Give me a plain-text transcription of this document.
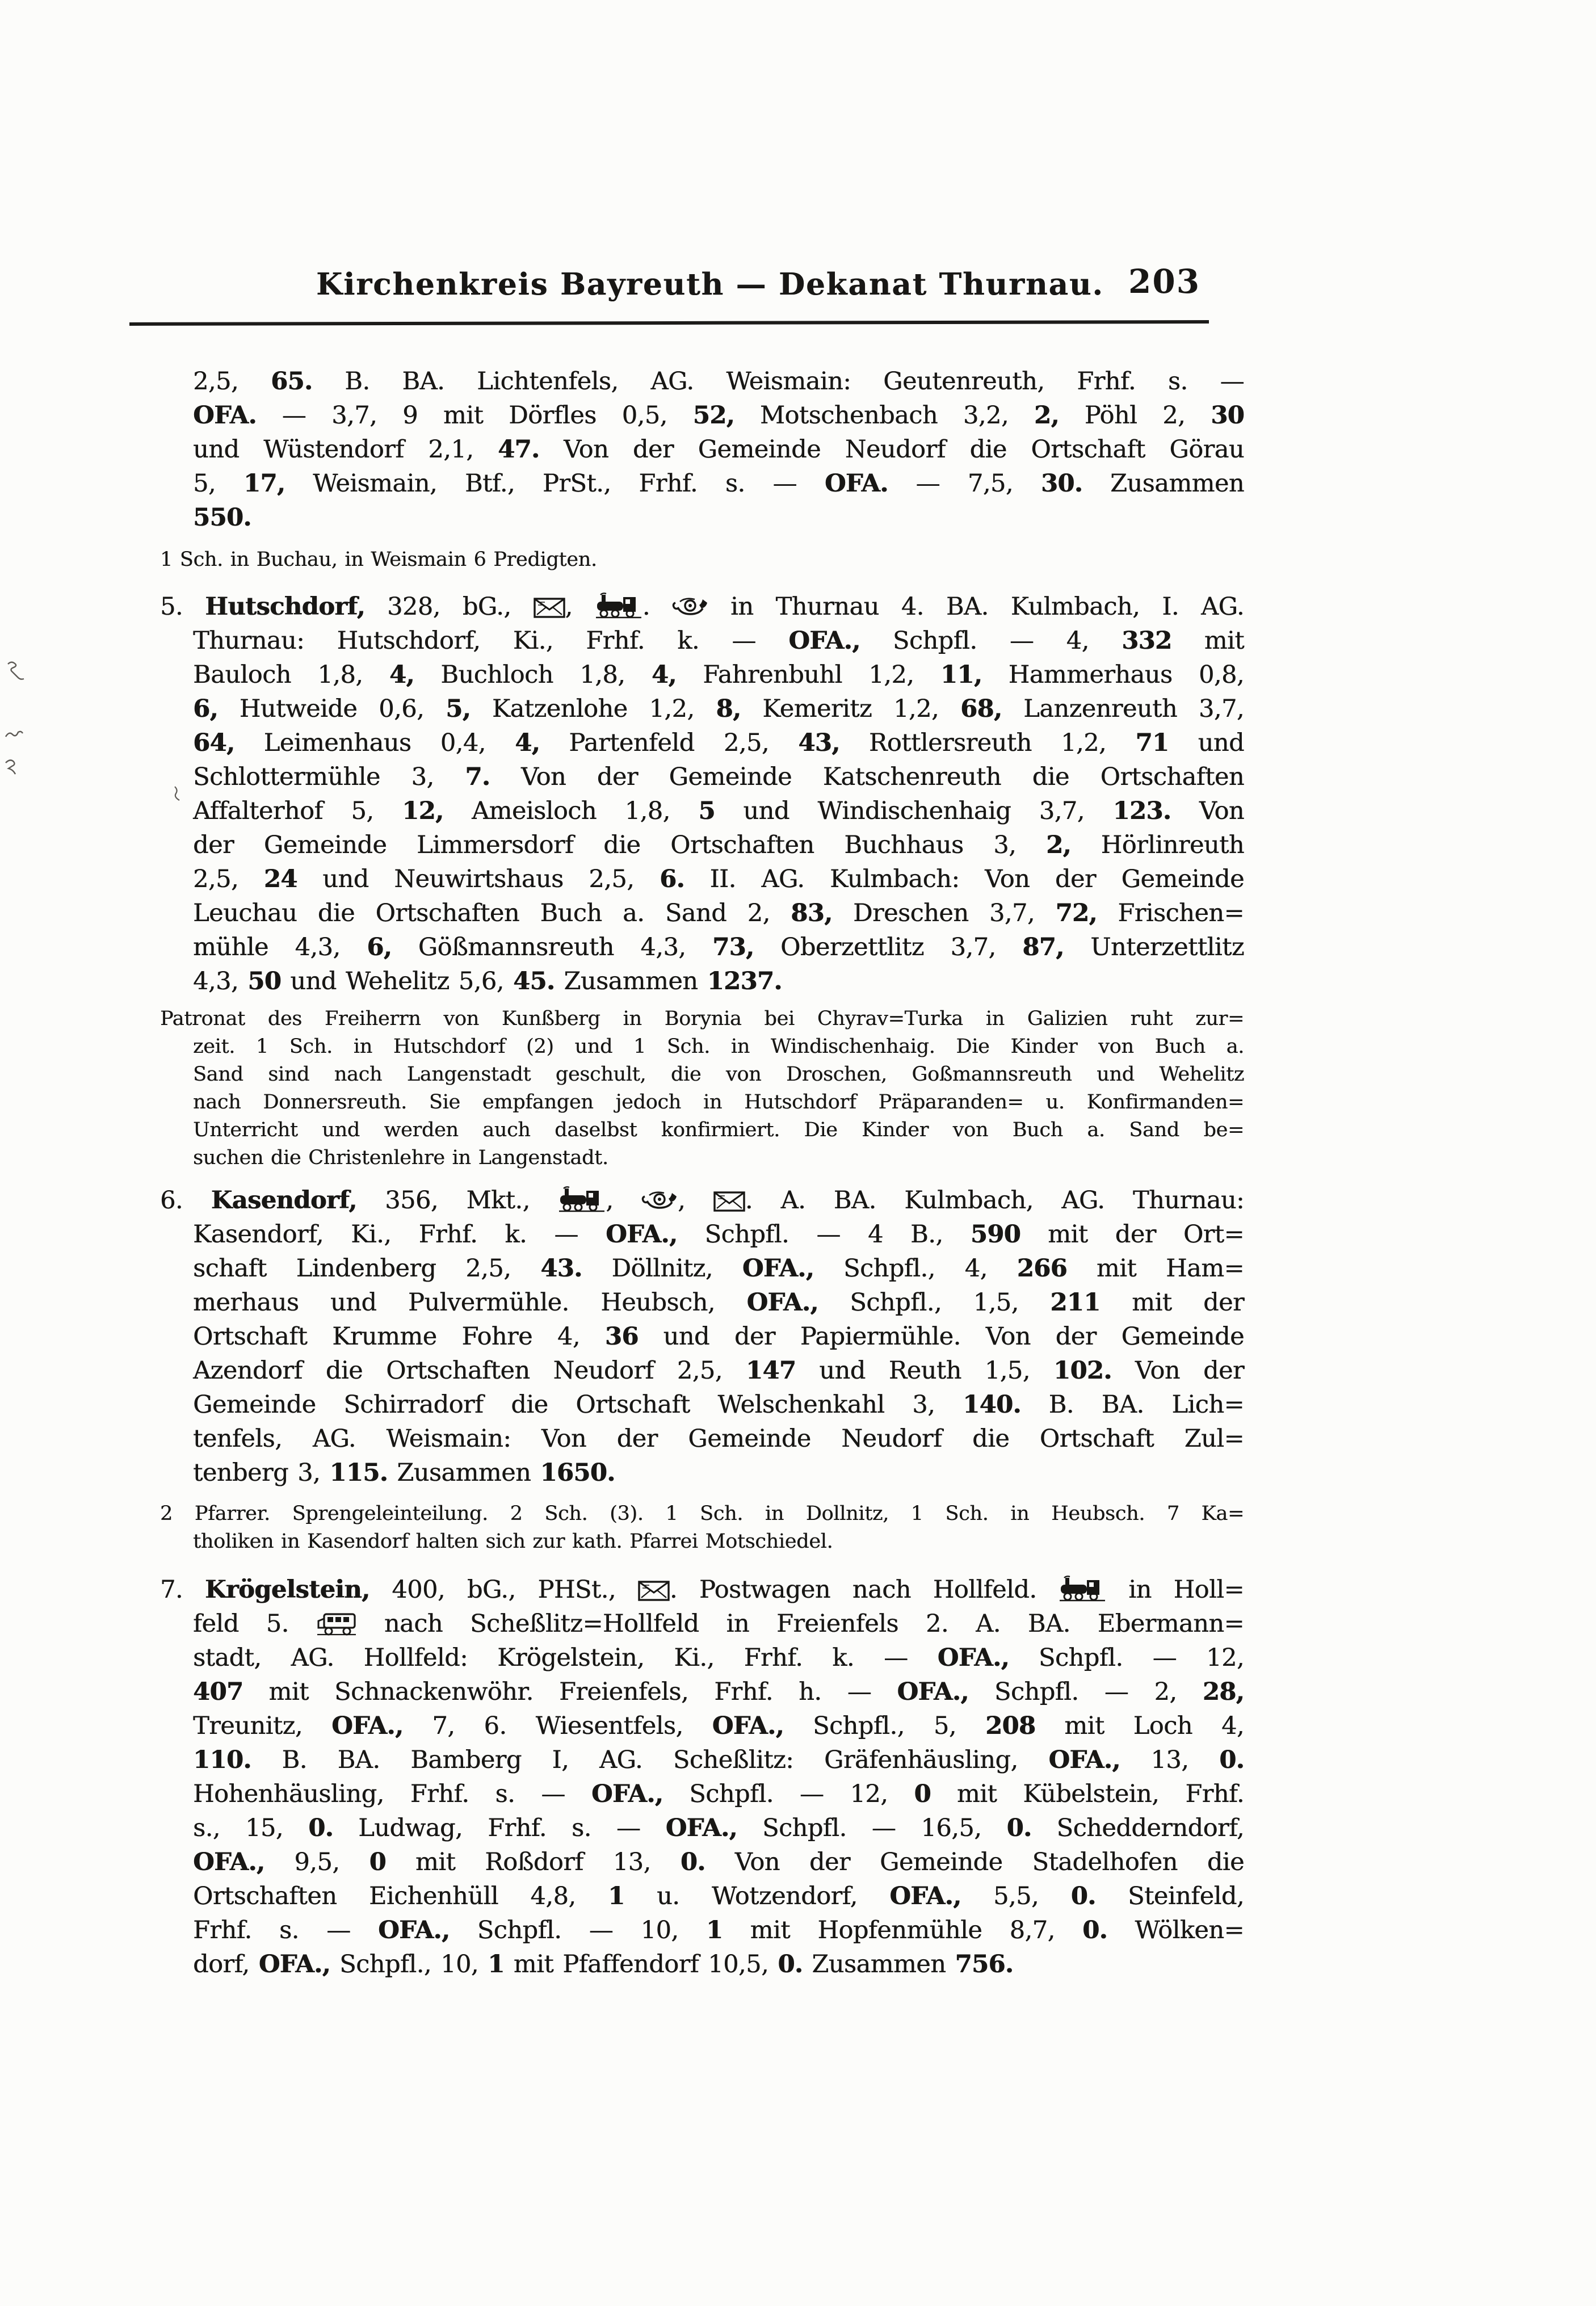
Kirchenkreis Bayreuth — Dekanat Thurnau. 203
2,5, 65. B. BA. Lichtenfels, AG. Weismain: Geutenreuth, Frhf. s. —
OFA. — 3,7, 9 mit Dörfles 0,5, 52, Motschenbach 3,2, 2, Pöhl 2, 30
und Wüstendorf 2,1, 47. Von der Gemeinde Neudorf die Ortschaft Görau
5, 17, Weismain, Btf., PrSt., Frhf. s. — OFA. — 7,5, 30. Zusammen
550.
1 Sch. in Buchau, in Weismain 6 Predigten.
5. Hutschdorf, 328, bG.,
,
.
in Thurnau 4. BA. Kulmbach, I. AG.
Thurnau: Hutschdorf, Ki., Frhf. k. — OFA., Schpfl. — 4, 332 mit
Bauloch 1,8, 4, Buchloch 1,8, 4, Fahrenbuhl 1,2, 11, Hammerhaus 0,8,
6, Hutweide 0,6, 5, Katzenlohe 1,2, 8, Kemeritz 1,2, 68, Lanzenreuth 3,7,
64, Leimenhaus 0,4, 4, Partenfeld 2,5, 43, Rottlersreuth 1,2, 71 und
Schlottermühle 3, 7. Von der Gemeinde Katschenreuth die Ortschaften
Affalterhof 5, 12, Ameisloch 1,8, 5 und Windischenhaig 3,7, 123. Von
der Gemeinde Limmersdorf die Ortschaften Buchhaus 3, 2, Hörlinreuth
2,5, 24 und Neuwirtshaus 2,5, 6. II. AG. Kulmbach: Von der Gemeinde
Leuchau die Ortschaften Buch a. Sand 2, 83, Dreschen 3,7, 72, Frischen=
mühle 4,3, 6, Gößmannsreuth 4,3, 73, Oberzettlitz 3,7, 87, Unterzettlitz
4,3, 50 und Wehelitz 5,6, 45. Zusammen 1237.
Patronat des Freiherrn von Kunßberg in Borynia bei Chyrav=Turka in Galizien ruht zur=
zeit. 1 Sch. in Hutschdorf (2) und 1 Sch. in Windischenhaig. Die Kinder von Buch a.
Sand sind nach Langenstadt geschult, die von Droschen, Goßmannsreuth und Wehelitz
nach Donnersreuth. Sie empfangen jedoch in Hutschdorf Präparanden= u. Konfirmanden=
Unterricht und werden auch daselbst konfirmiert. Die Kinder von Buch a. Sand be=
suchen die Christenlehre in Langenstadt.
6. Kasendorf, 356, Mkt.,
,
,
. A. BA. Kulmbach, AG. Thurnau:
Kasendorf, Ki., Frhf. k. — OFA., Schpfl. — 4 B., 590 mit der Ort=
schaft Lindenberg 2,5, 43. Döllnitz, OFA., Schpfl., 4, 266 mit Ham=
merhaus und Pulvermühle. Heubsch, OFA., Schpfl., 1,5, 211 mit der
Ortschaft Krumme Fohre 4, 36 und der Papiermühle. Von der Gemeinde
Azendorf die Ortschaften Neudorf 2,5, 147 und Reuth 1,5, 102. Von der
Gemeinde Schirradorf die Ortschaft Welschenkahl 3, 140. B. BA. Lich=
tenfels, AG. Weismain: Von der Gemeinde Neudorf die Ortschaft Zul=
tenberg 3, 115. Zusammen 1650.
2 Pfarrer. Sprengeleinteilung. 2 Sch. (3). 1 Sch. in Dollnitz, 1 Sch. in Heubsch. 7 Ka=
tholiken in Kasendorf halten sich zur kath. Pfarrei Motschiedel.
7. Krögelstein, 400, bG., PHSt.,
. Postwagen nach Hollfeld.
in Holl=
feld 5.
nach Scheßlitz=Hollfeld in Freienfels 2. A. BA. Ebermann=
stadt, AG. Hollfeld: Krögelstein, Ki., Frhf. k. — OFA., Schpfl. — 12,
407 mit Schnackenwöhr. Freienfels, Frhf. h. — OFA., Schpfl. — 2, 28,
Treunitz, OFA., 7, 6. Wiesentfels, OFA., Schpfl., 5, 208 mit Loch 4,
110. B. BA. Bamberg I, AG. Scheßlitz: Gräfenhäusling, OFA., 13, 0.
Hohenhäusling, Frhf. s. — OFA., Schpfl. — 12, 0 mit Kübelstein, Frhf.
s., 15, 0. Ludwag, Frhf. s. — OFA., Schpfl. — 16,5, 0. Schedderndorf,
OFA., 9,5, 0 mit Roßdorf 13, 0. Von der Gemeinde Stadelhofen die
Ortschaften Eichenhüll 4,8, 1 u. Wotzendorf, OFA., 5,5, 0. Steinfeld,
Frhf. s. — OFA., Schpfl. — 10, 1 mit Hopfenmühle 8,7, 0. Wölken=
dorf, OFA., Schpfl., 10, 1 mit Pfaffendorf 10,5, 0. Zusammen 756.
